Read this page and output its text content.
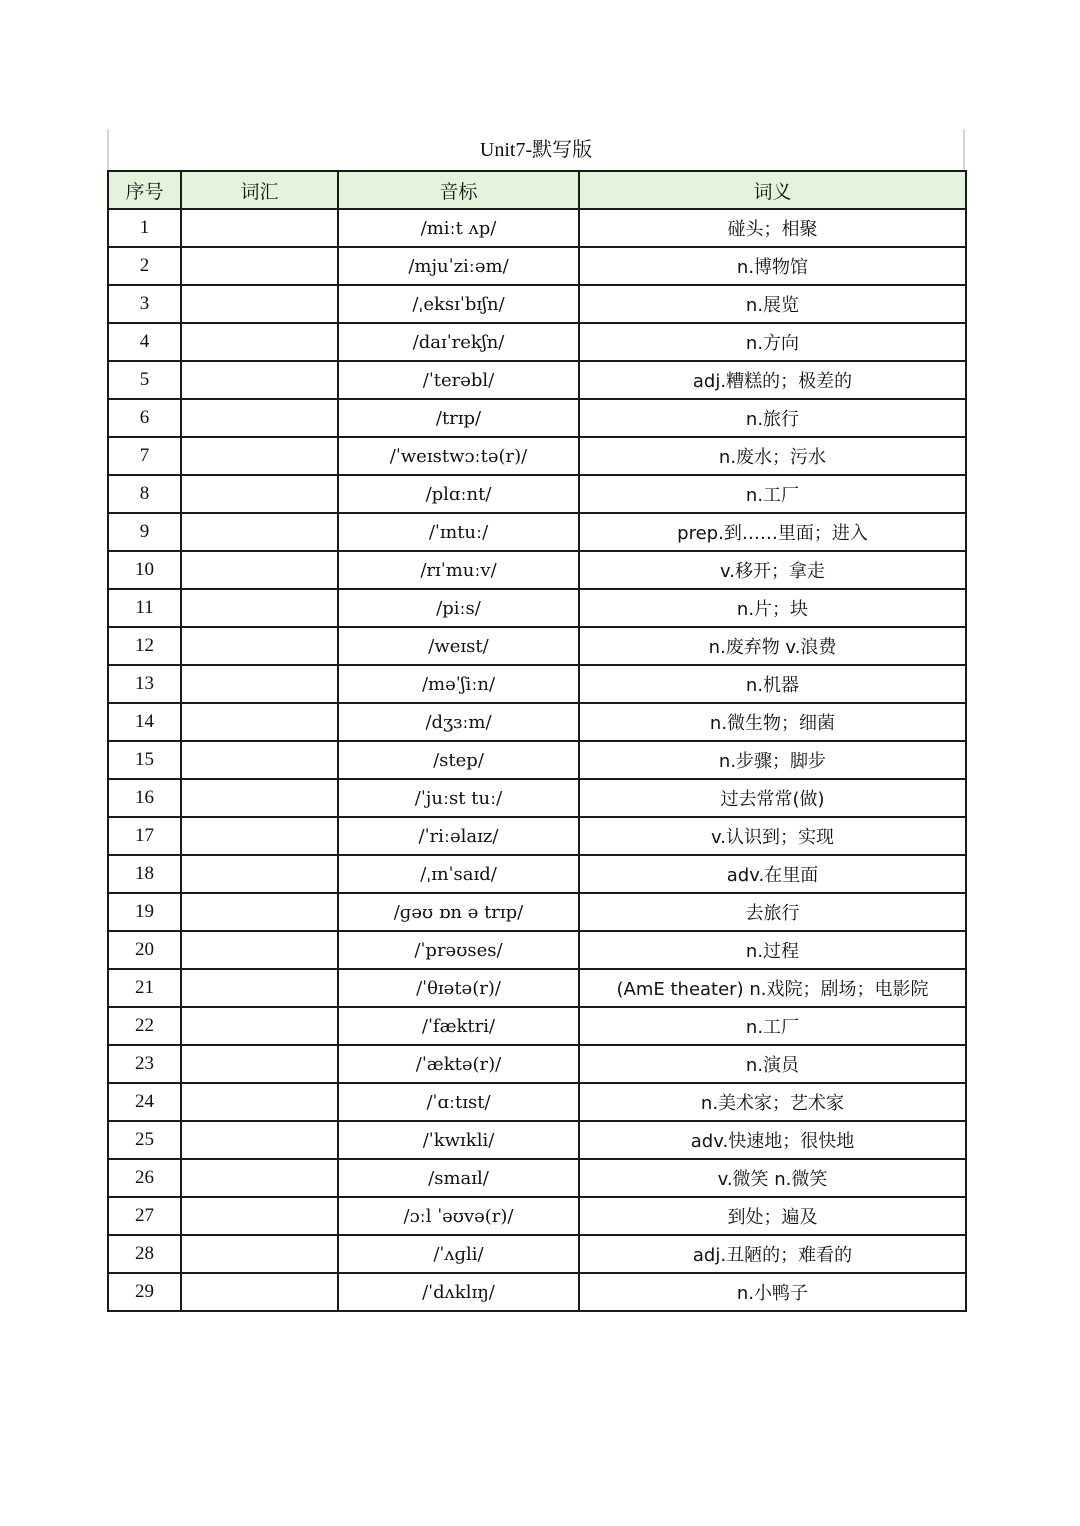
Unit7-默写版
序号	词汇	音标	词义
1		/miːt ʌp/	碰头；相聚
2		/mjuˈziːəm/	n.博物馆
3		/ˌeksɪˈbɪʃn/	n.展览
4		/daɪˈrekʃn/	n.方向
5		/ˈterəbl/	adj.糟糕的；极差的
6		/trɪp/	n.旅行
7		/ˈweɪstwɔːtə(r)/	n.废水；污水
8		/plɑːnt/	n.工厂
9		/ˈɪntuː/	prep.到……里面；进入
10		/rɪˈmuːv/	v.移开；拿走
11		/piːs/	n.片；块
12		/weɪst/	n.废弃物 v.浪费
13		/məˈʃiːn/	n.机器
14		/dʒɜːm/	n.微生物；细菌
15		/step/	n.步骤；脚步
16		/ˈjuːst tuː/	过去常常(做)
17		/ˈriːəlaɪz/	v.认识到；实现
18		/ˌɪnˈsaɪd/	adv.在里面
19		/ɡəʊ ɒn ə trɪp/	去旅行
20		/ˈprəʊses/	n.过程
21		/ˈθɪətə(r)/	(AmE theater) n.戏院；剧场；电影院
22		/ˈfæktri/	n.工厂
23		/ˈæktə(r)/	n.演员
24		/ˈɑːtɪst/	n.美术家；艺术家
25		/ˈkwɪkli/	adv.快速地；很快地
26		/smaɪl/	v.微笑 n.微笑
27		/ɔːl ˈəʊvə(r)/	到处；遍及
28		/ˈʌɡli/	adj.丑陋的；难看的
29		/ˈdʌklɪŋ/	n.小鸭子
